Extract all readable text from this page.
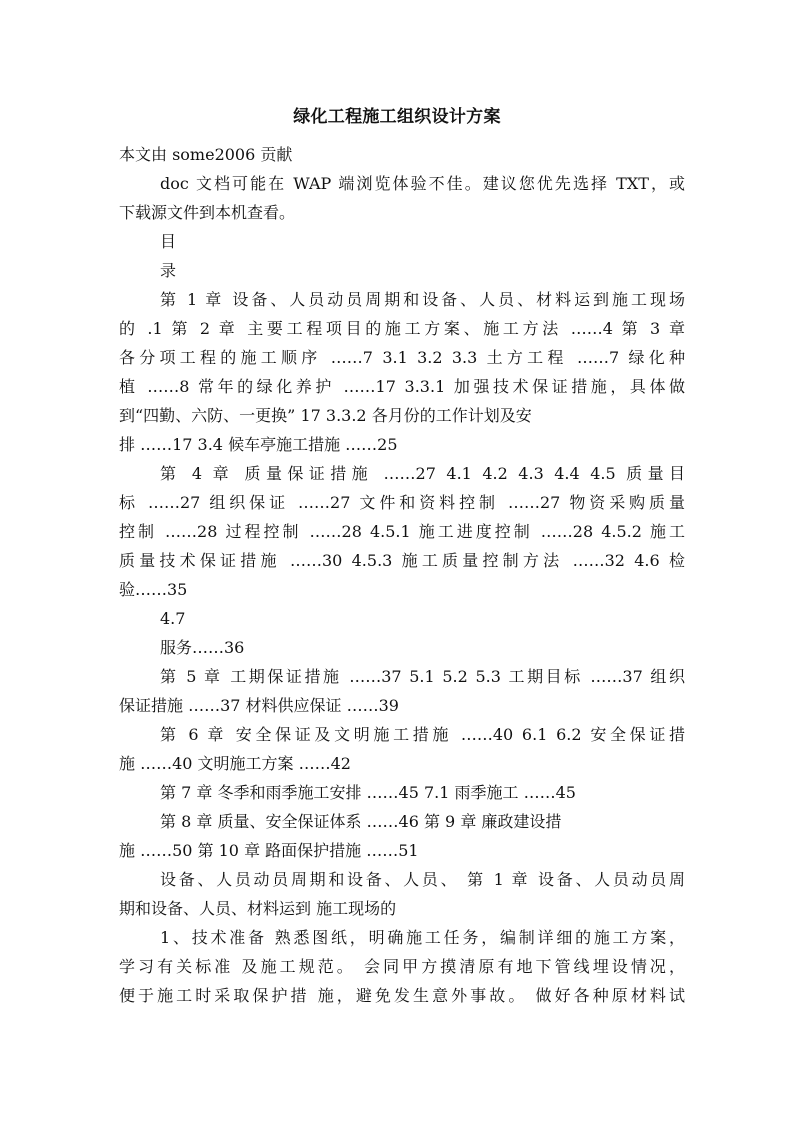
绿化工程施工组织设计方案
本文由 some2006 贡献
doc 文档可能在 WAP 端浏览体验不佳。建议您优先选择 TXT，或
下载源文件到本机查看。
目
录
第 1 章 设备、人员动员周期和设备、人员、材料运到施工现场
的 .1 第 2 章 主要工程项目的施工方案、施工方法 ……4 第 3 章
各分项工程的施工顺序 ……7 3.1 3.2 3.3 土方工程 ……7 绿化种
植 ……8 常年的绿化养护 ……17 3.3.1 加强技术保证措施，具体做
到“四勤、六防、一更换” 17 3.3.2 各月份的工作计划及安
排 ……17 3.4 候车亭施工措施 ……25
第 4 章 质量保证措施 ……27 4.1 4.2 4.3 4.4 4.5 质量目
标 ……27 组织保证 ……27 文件和资料控制 ……27 物资采购质量
控制 ……28 过程控制 ……28 4.5.1 施工进度控制 ……28 4.5.2 施工
质量技术保证措施 ……30 4.5.3 施工质量控制方法 ……32 4.6 检
验……35
4.7
服务……36
第 5 章 工期保证措施 ……37 5.1 5.2 5.3 工期目标 ……37 组织
保证措施 ……37 材料供应保证 ……39
第 6 章 安全保证及文明施工措施 ……40 6.1 6.2 安全保证措
施 ……40 文明施工方案 ……42
第 7 章 冬季和雨季施工安排 ……45 7.1 雨季施工 ……45
第 8 章 质量、安全保证体系 ……46 第 9 章 廉政建设措
施 ……50 第 10 章 路面保护措施 ……51
设备、人员动员周期和设备、人员、 第 1 章 设备、人员动员周
期和设备、人员、材料运到 施工现场的
1、技术准备 熟悉图纸，明确施工任务，编制详细的施工方案，
学习有关标准 及施工规范。 会同甲方摸清原有地下管线埋设情况，
便于施工时采取保护措 施，避免发生意外事故。 做好各种原材料试
